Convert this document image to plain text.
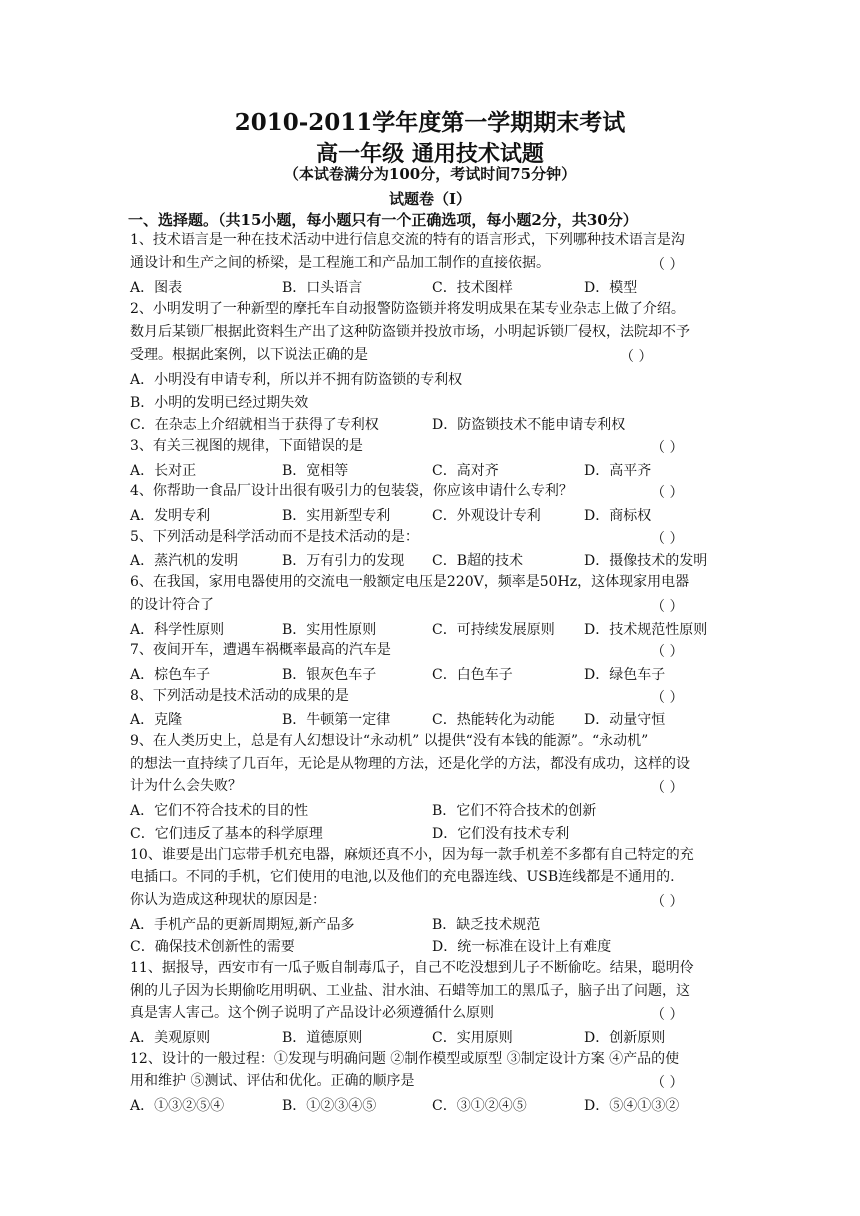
2010-2011学年度第一学期期末考试
高一年级 通用技术试题
（本试卷满分为100分，考试时间75分钟）
试题卷（Ⅰ）
一、选择题。（共15小题，每小题只有一个正确选项，每小题2分，共30分）
1、技术语言是一种在技术活动中进行信息交流的特有的语言形式，下列哪种技术语言是沟
通设计和生产之间的桥梁，是工程施工和产品加工制作的直接依据。	（ ）
A．图表	B．口头语言	C．技术图样	D．模型
2、小明发明了一种新型的摩托车自动报警防盗锁并将发明成果在某专业杂志上做了介绍。
数月后某锁厂根据此资料生产出了这种防盗锁并投放市场，小明起诉锁厂侵权，法院却不予
受理。根据此案例，以下说法正确的是	（ ）
A．小明没有申请专利，所以并不拥有防盗锁的专利权
B．小明的发明已经过期失效
C．在杂志上介绍就相当于获得了专利权	D．防盗锁技术不能申请专利权
3、有关三视图的规律，下面错误的是	（ ）
A．长对正	B．宽相等	C．高对齐	D．高平齐
4、你帮助一食品厂设计出很有吸引力的包装袋，你应该申请什么专利？	（ ）
A．发明专利	B．实用新型专利	C．外观设计专利	D．商标权
5、下列活动是科学活动而不是技术活动的是：	（ ）
A．蒸汽机的发明	B．万有引力的发现 C．B超的技术	D．摄像技术的发明
6、在我国，家用电器使用的交流电一般额定电压是220V，频率是50Hz，这体现家用电器
的设计符合了	（ ）
A．科学性原则	B．实用性原则	C．可持续发展原则 D．技术规范性原则
7、夜间开车，遭遇车祸概率最高的汽车是	（ ）
A．棕色车子	B．银灰色车子	C．白色车子	D．绿色车子
8、下列活动是技术活动的成果的是	（ ）
A．克隆	B．牛顿第一定律	C．热能转化为动能 D．动量守恒
9、在人类历史上，总是有人幻想设计“永动机” 以提供“没有本钱的能源”。“永动机”
的想法一直持续了几百年，无论是从物理的方法，还是化学的方法，都没有成功，这样的设
计为什么会失败？	（ ）
A．它们不符合技术的目的性	B．它们不符合技术的创新
C．它们违反了基本的科学原理	D．它们没有技术专利
10、谁要是出门忘带手机充电器，麻烦还真不小，因为每一款手机差不多都有自己特定的充
电插口。不同的手机，它们使用的电池,以及他们的充电器连线、USB连线都是不通用的.
你认为造成这种现状的原因是：	（ ）
A．手机产品的更新周期短,新产品多	B．缺乏技术规范
C．确保技术创新性的需要	D．统一标准在设计上有难度
11、据报导，西安市有一瓜子贩自制毒瓜子，自己不吃没想到儿子不断偷吃。结果，聪明伶
俐的儿子因为长期偷吃用明矾、工业盐、泔水油、石蜡等加工的黑瓜子，脑子出了问题，这
真是害人害己。这个例子说明了产品设计必须遵循什么原则	（ ）
A．美观原则	B．道德原则	C．实用原则	D．创新原则
12、设计的一般过程：①发现与明确问题 ②制作模型或原型 ③制定设计方案 ④产品的使
用和维护 ⑤测试、评估和优化。正确的顺序是	（ ）
A．①③②⑤④	B．①②③④⑤	C．③①②④⑤	D．⑤④①③②
